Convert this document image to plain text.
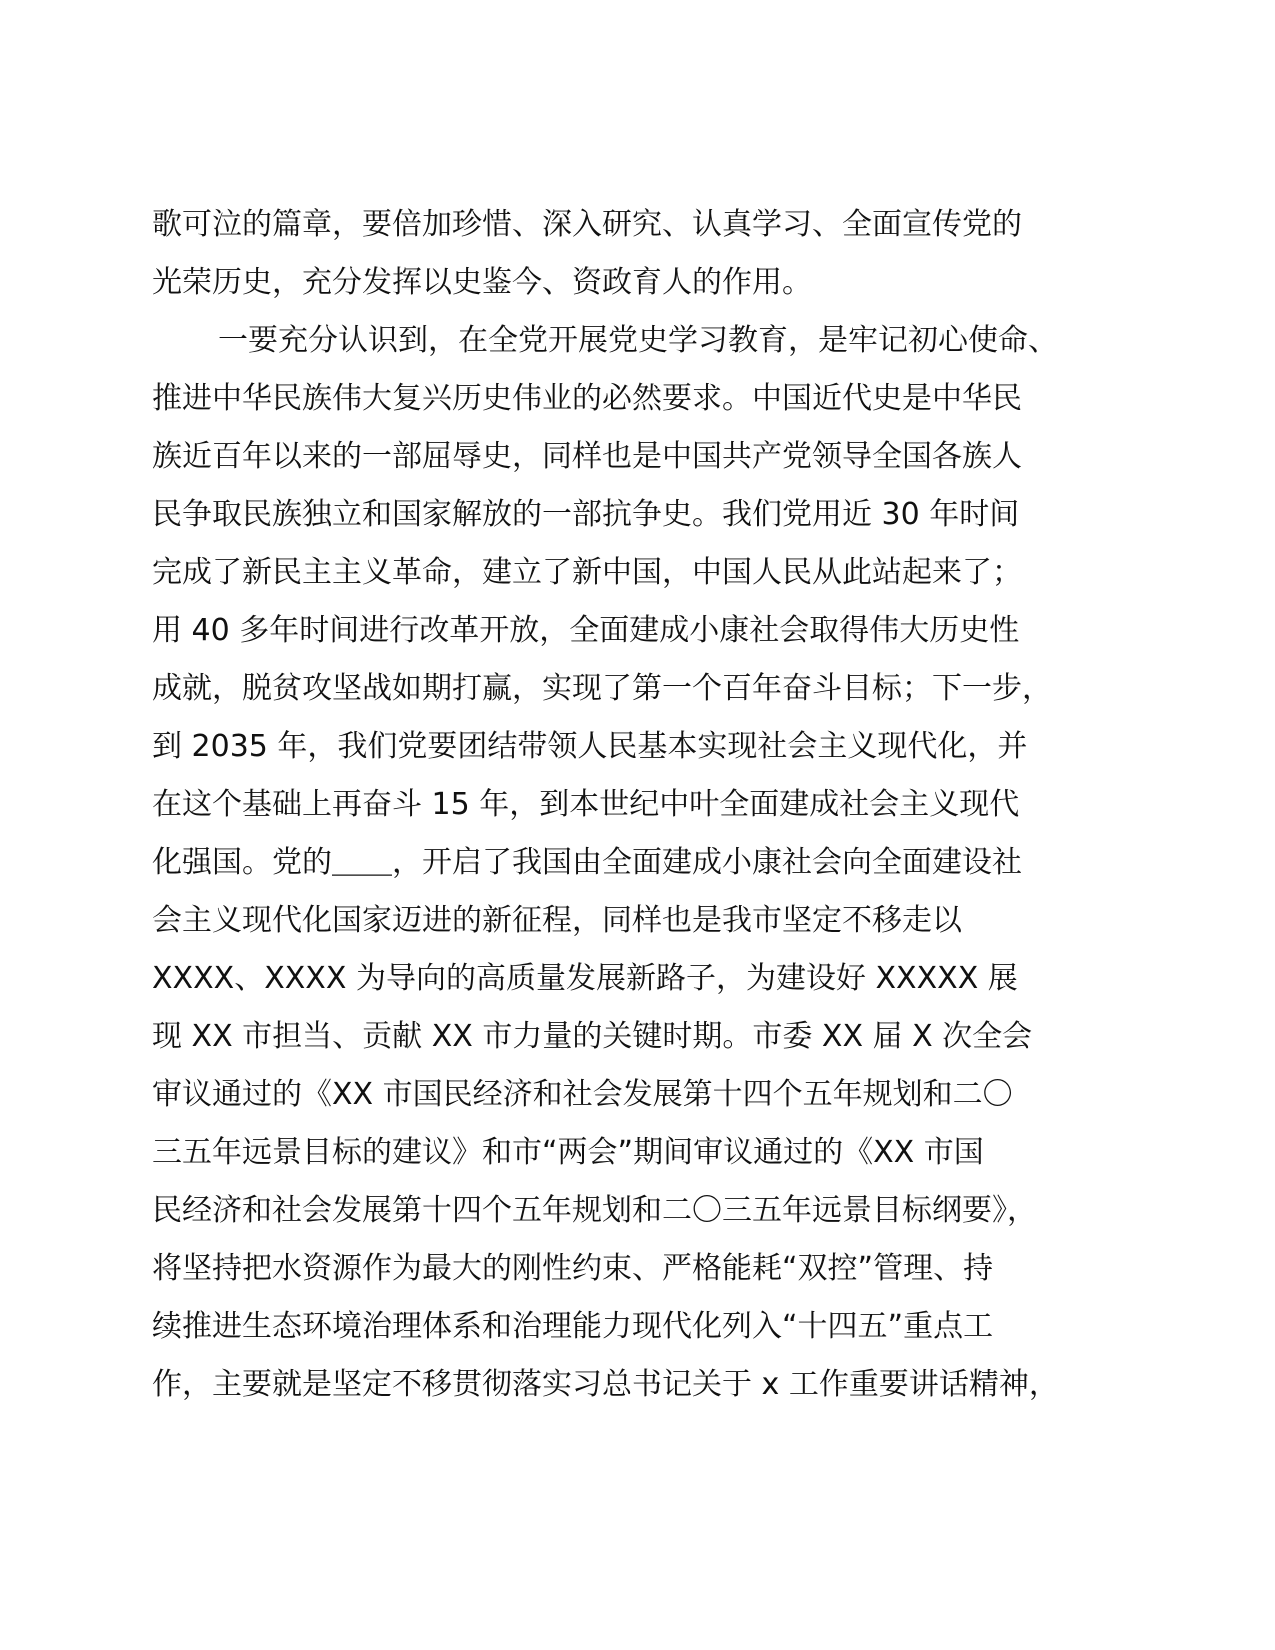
歌可泣的篇章，要倍加珍惜、深入研究、认真学习、全面宣传党的
光荣历史，充分发挥以史鉴今、资政育人的作用。
一要充分认识到，在全党开展党史学习教育，是牢记初心使命、
推进中华民族伟大复兴历史伟业的必然要求。中国近代史是中华民
族近百年以来的一部屈辱史，同样也是中国共产党领导全国各族人
民争取民族独立和国家解放的一部抗争史。我们党用近 30 年时间
完成了新民主主义革命，建立了新中国，中国人民从此站起来了；
用 40 多年时间进行改革开放，全面建成小康社会取得伟大历史性
成就，脱贫攻坚战如期打赢，实现了第一个百年奋斗目标；下一步，
到 2035 年，我们党要团结带领人民基本实现社会主义现代化，并
在这个基础上再奋斗 15 年，到本世纪中叶全面建成社会主义现代
化强国。党的＿＿，开启了我国由全面建成小康社会向全面建设社
会主义现代化国家迈进的新征程，同样也是我市坚定不移走以
XXXX、XXXX 为导向的高质量发展新路子，为建设好 XXXXX 展
现 XX 市担当、贡献 XX 市力量的关键时期。市委 XX 届 X 次全会
审议通过的《XX 市国民经济和社会发展第十四个五年规划和二〇
三五年远景目标的建议》和市“两会”期间审议通过的《XX 市国
民经济和社会发展第十四个五年规划和二〇三五年远景目标纲要》，
将坚持把水资源作为最大的刚性约束、严格能耗“双控”管理、持
续推进生态环境治理体系和治理能力现代化列入“十四五”重点工
作，主要就是坚定不移贯彻落实习总书记关于 x 工作重要讲话精神，
